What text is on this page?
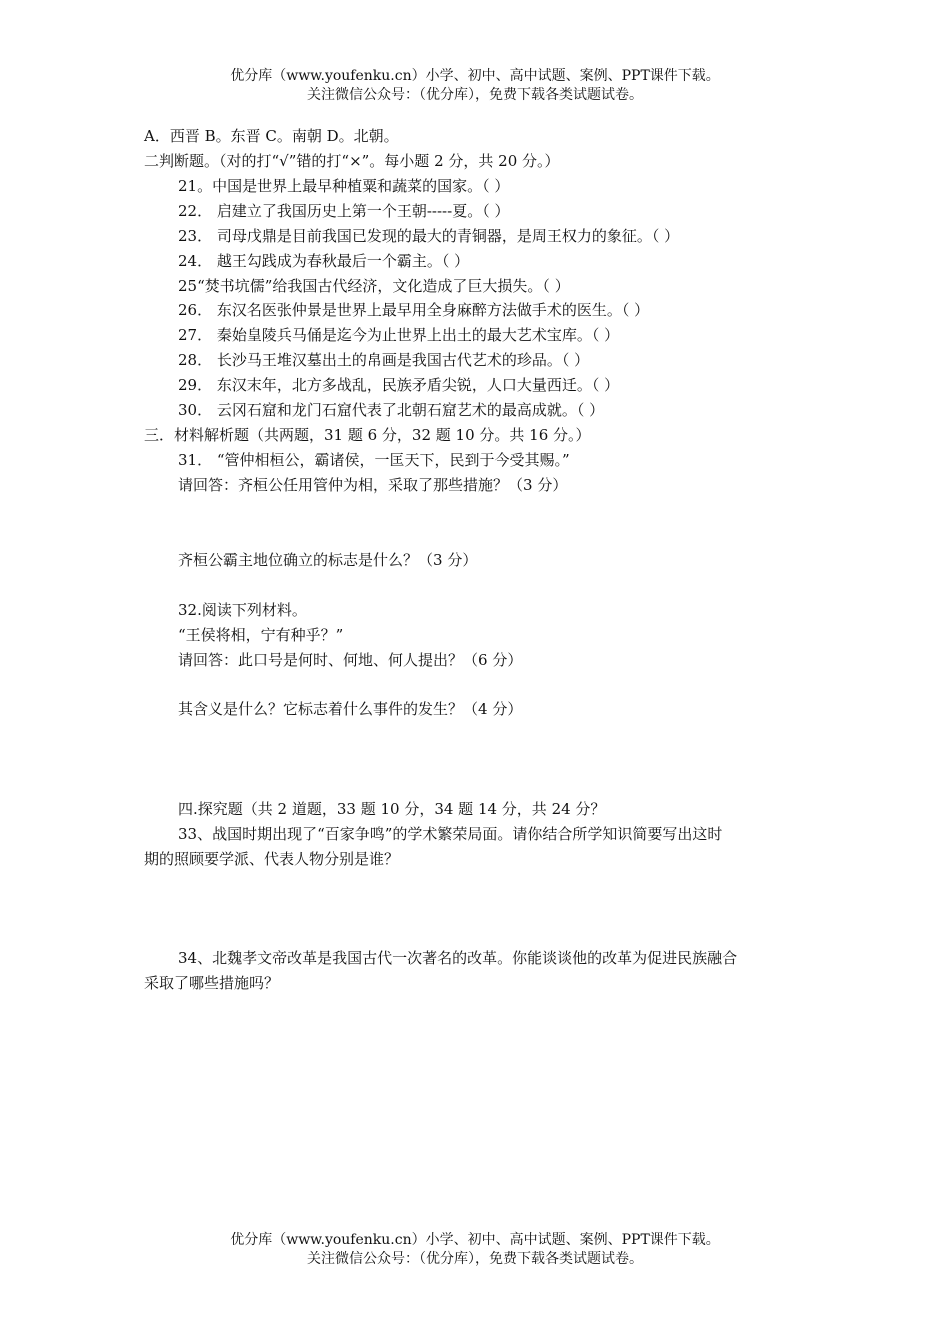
优分库（www.youfenku.cn）小学、初中、高中试题、案例、PPT课件下载。
关注微信公众号：（优分库），免费下载各类试题试卷。
A．西晋 B。东晋 C。南朝 D。北朝。
二判断题。（对的打“√”错的打“×”。每小题 2 分，共 20 分。）
21。中国是世界上最早种植粟和蔬菜的国家。（ ）
22． 启建立了我国历史上第一个王朝-----夏。（ ）
23． 司母戊鼎是目前我国已发现的最大的青铜器，是周王权力的象征。（ ）
24． 越王勾践成为春秋最后一个霸主。（ ）
25“焚书坑儒”给我国古代经济，文化造成了巨大损失。（ ）
26． 东汉名医张仲景是世界上最早用全身麻醉方法做手术的医生。（ ）
27． 秦始皇陵兵马俑是迄今为止世界上出土的最大艺术宝库。（ ）
28． 长沙马王堆汉墓出土的帛画是我国古代艺术的珍品。（ ）
29． 东汉末年，北方多战乱，民族矛盾尖锐，人口大量西迁。（ ）
30． 云冈石窟和龙门石窟代表了北朝石窟艺术的最高成就。（ ）
三．材料解析题（共两题，31 题 6 分，32 题 10 分。共 16 分。）
31． “管仲相桓公，霸诸侯，一匡天下，民到于今受其赐。”
请回答：齐桓公任用管仲为相，采取了那些措施？（3 分）
齐桓公霸主地位确立的标志是什么？（3 分）
32.阅读下列材料。
“王侯将相，宁有种乎？”
请回答：此口号是何时、何地、何人提出？（6 分）
其含义是什么？它标志着什么事件的发生？（4 分）
四.探究题（共 2 道题，33 题 10 分，34 题 14 分，共 24 分？
33、战国时期出现了“百家争鸣”的学术繁荣局面。请你结合所学知识简要写出这时
期的照顾要学派、代表人物分别是谁？
34、北魏孝文帝改革是我国古代一次著名的改革。你能谈谈他的改革为促进民族融合
采取了哪些措施吗？
优分库（www.youfenku.cn）小学、初中、高中试题、案例、PPT课件下载。
关注微信公众号：（优分库），免费下载各类试题试卷。
